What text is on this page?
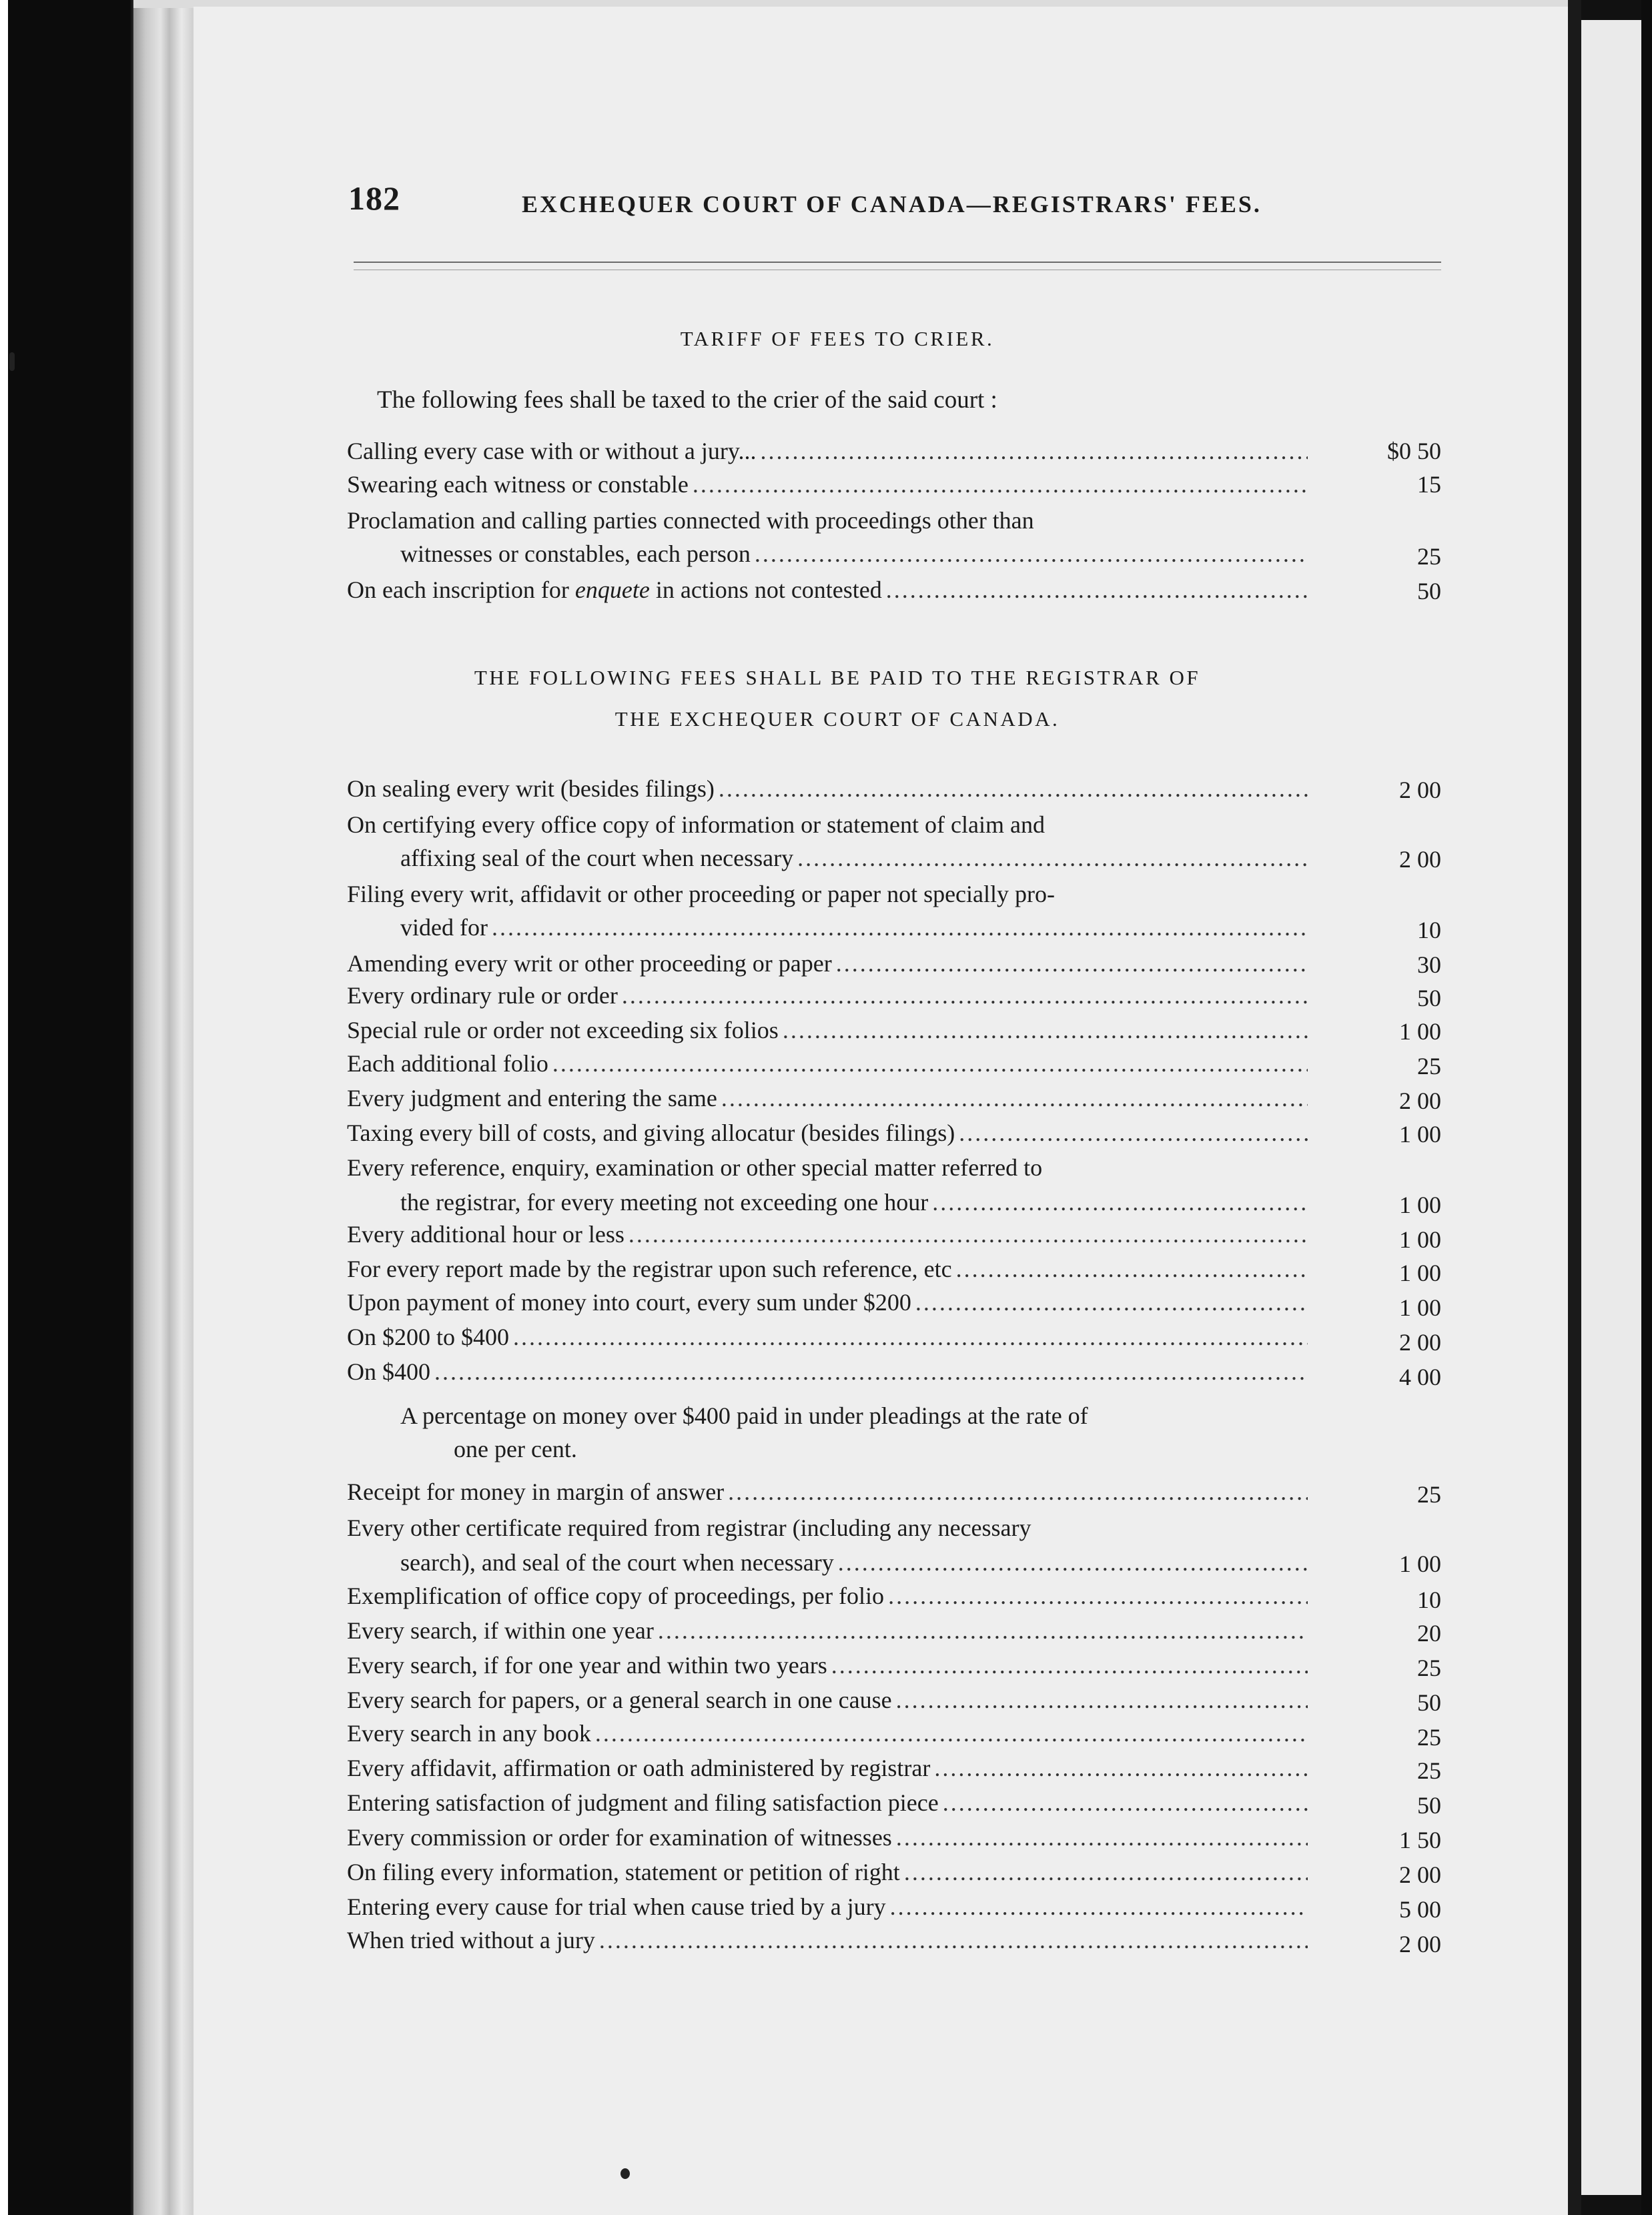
182	EXCHEQUER COURT OF CANADA—REGISTRARS' FEES.
TARIFF OF FEES TO CRIER.
The following fees shall be taxed to the crier of the said court :
Calling every case with or without a jury... .....	$0 50
Swearing each witness or constable .....	15
Proclamation and calling parties connected with proceedings other than
witnesses or constables, each person .....	25
On each inscription for enquete in actions not contested .....	50
THE FOLLOWING FEES SHALL BE PAID TO THE REGISTRAR OF
THE EXCHEQUER COURT OF CANADA.
On sealing every writ (besides filings) .....	2 00
On certifying every office copy of information or statement of claim and
affixing seal of the court when necessary .....	2 00
Filing every writ, affidavit or other proceeding or paper not specially pro-
vided for .....	10
Amending every writ or other proceeding or paper .....	30
Every ordinary rule or order .....	50
Special rule or order not exceeding six folios .....	1 00
Each additional folio .....	25
Every judgment and entering the same .....	2 00
Taxing every bill of costs, and giving allocatur (besides filings) .....	1 00
Every reference, enquiry, examination or other special matter referred to
the registrar, for every meeting not exceeding one hour .....	1 00
Every additional hour or less .....	1 00
For every report made by the registrar upon such reference, etc .....	1 00
Upon payment of money into court, every sum under $200 .....	1 00
On $200 to $400 .....	2 00
On $400 .....	4 00
A percentage on money over $400 paid in under pleadings at the rate of
one per cent.
Receipt for money in margin of answer .....	25
Every other certificate required from registrar (including any necessary
search), and seal of the court when necessary .....	1 00
Exemplification of office copy of proceedings, per folio .....	10
Every search, if within one year .....	20
Every search, if for one year and within two years .....	25
Every search for papers, or a general search in one cause .....	50
Every search in any book .....	25
Every affidavit, affirmation or oath administered by registrar .....	25
Entering satisfaction of judgment and filing satisfaction piece .....	50
Every commission or order for examination of witnesses .....	1 50
On filing every information, statement or petition of right .....	2 00
Entering every cause for trial when cause tried by a jury .....	5 00
When tried without a jury .....	2 00
